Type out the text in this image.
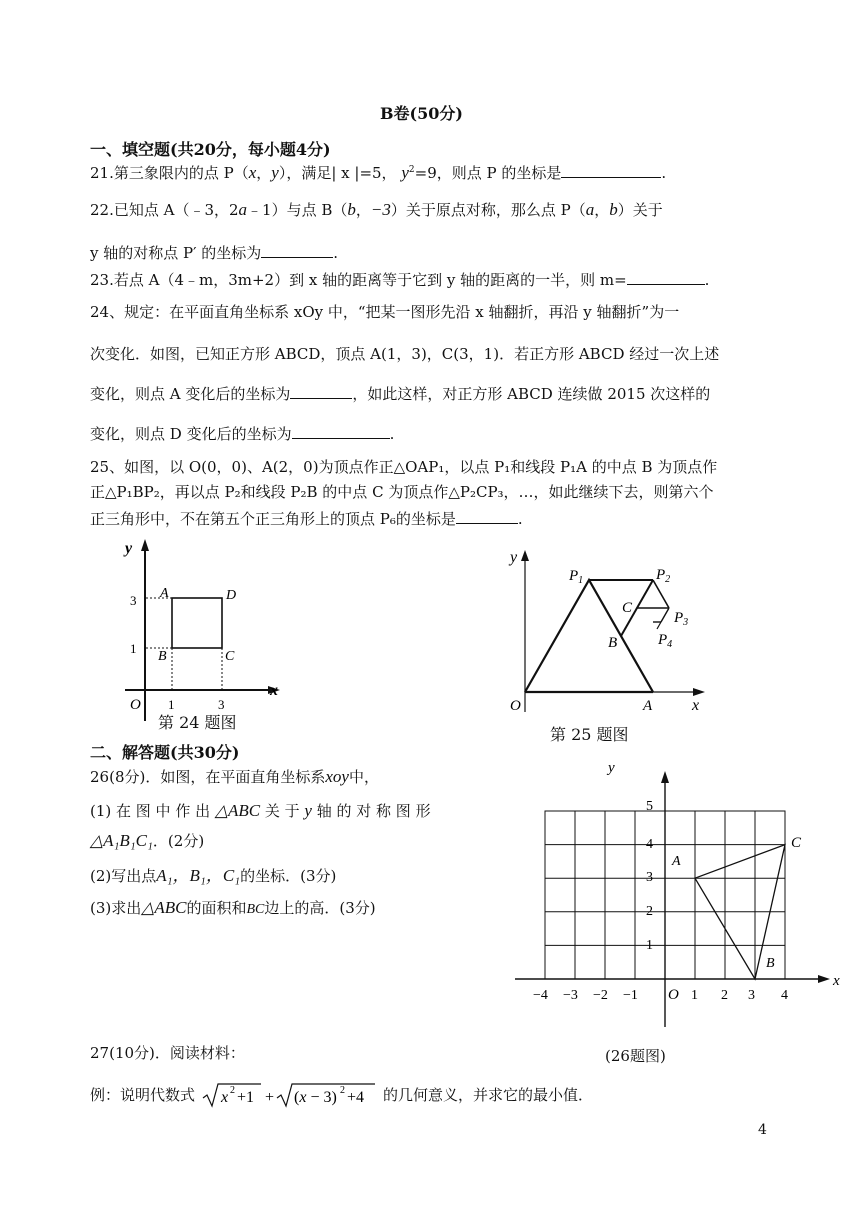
B卷(50分)
一、填空题(共20分，每小题4分)
21.第三象限内的点 P（x，y），满足| x |=5， $y^2=9$，则点 P 的坐标是	.
22.已知点 A（﹣3，2a﹣1）与点 B（b，−3）关于原点对称，那么点 P（a，b）关于
y 轴的对称点 P′ 的坐标为	.
23.若点 A（4﹣m，3m+2）到 x 轴的距离等于它到 y 轴的距离的一半，则 m=	.
24、规定：在平面直角坐标系 xOy 中，“把某一图形先沿 x 轴翻折，再沿 y 轴翻折”为一
次变化．如图，已知正方形 ABCD，顶点 A(1，3)，C(3，1)．若正方形 ABCD 经过一次上述
变化，则点 A 变化后的坐标为	，如此这样，对正方形 ABCD 连续做 2015 次这样的
变化，则点 D 变化后的坐标为	.
25、如图，以 O(0，0)、A(2，0)为顶点作正△OAP₁，以点 P₁和线段 P₁A 的中点 B 为顶点作
正△P₁BP₂，再以点 P₂和线段 P₂B 的中点 C 为顶点作△P₂CP₃，…，如此继续下去，则第六个
正三角形中，不在第五个正三角形上的顶点 P₆的坐标是	.
y
x
O
A	D
B	C
3
1
1	3
第 24 题图
y
x
O	A
B
C
$P_1$	$P_2$
$P_3$
$P_4$
第 25 题图
二、解答题(共30分)
26(8分)．如图，在平面直角坐标系xoy中，
(1) 在 图 中 作 出 △ABC 关 于 y 轴 的 对 称 图 形
△A₁B₁C₁．(2分)
(2)写出点A₁，B₁，C₁的坐标．(3分)
(3)求出△ABC的面积和BC边上的高．(3分)
y
x
O
A
B
C
−4 −3 −2 −1	1 2 3 4
1
2
3
4
5
(26题图)
27(10分)．阅读材料：
例：说明代数式 x 2 +1 + (x − 3) 2 +4 的几何意义，并求它的最小值．
4
